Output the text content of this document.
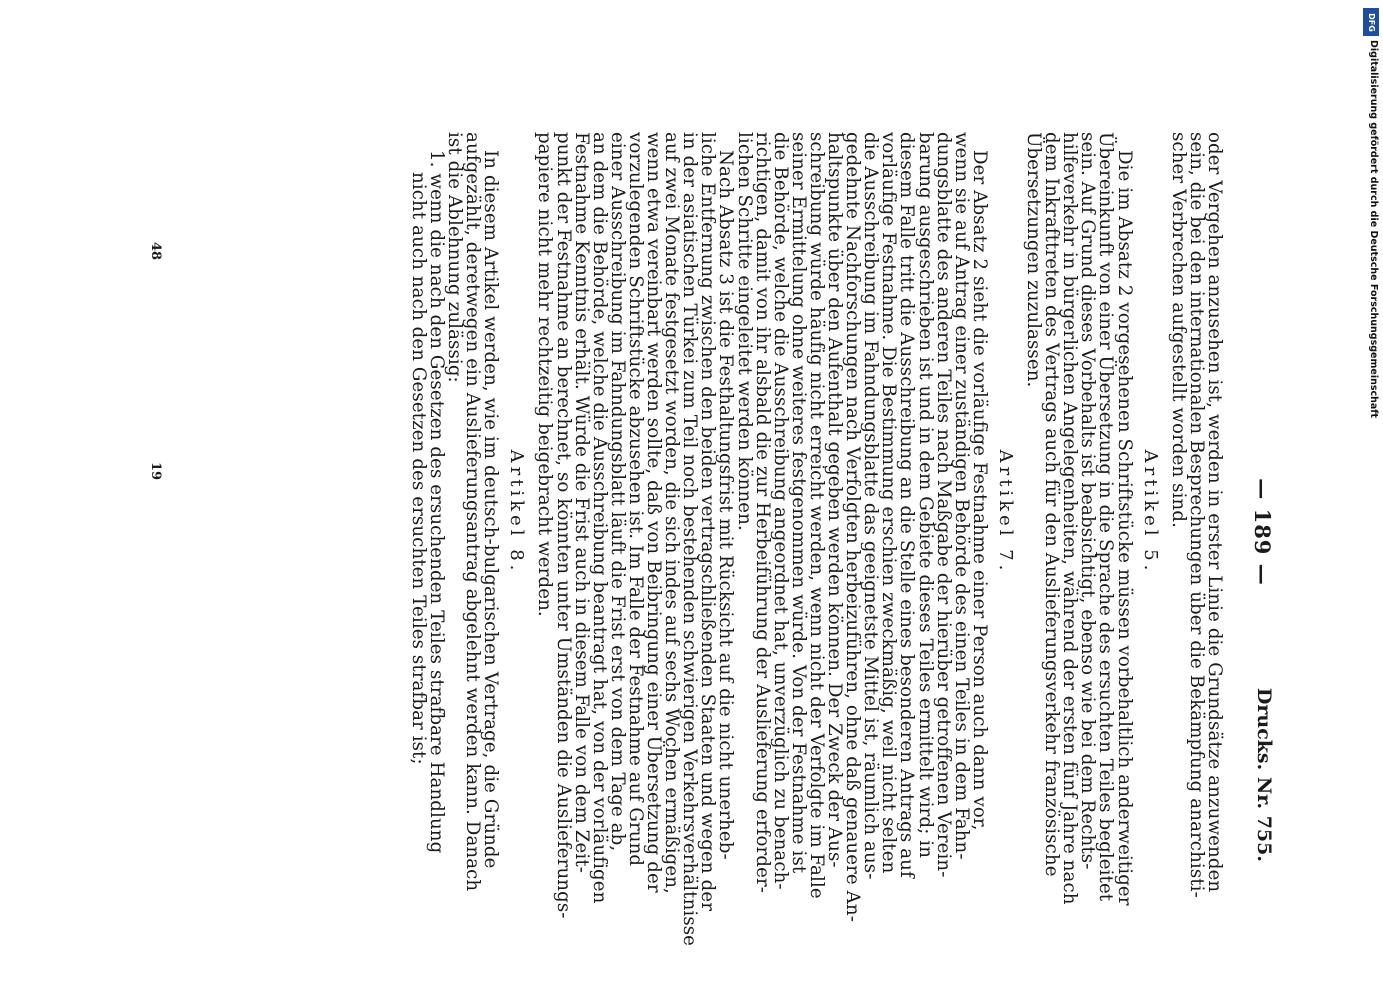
— 189 —
Drucks. Nr. 755.
oder Vergehen anzusehen ist, werden in erster Linie die Grundsätze anzuwenden
sein, die bei den internationalen Besprechungen über die Bekämpfung anarchisti-
scher Verbrechen aufgestellt worden sind.
Artikel 5.
Die im Absatz 2 vorgesehenen Schriftstücke müssen vorbehaltlich anderweitiger
Übereinkunft von einer Übersetzung in die Sprache des ersuchten Teiles begleitet
sein. Auf Grund dieses Vorbehalts ist beabsichtigt, ebenso wie bei dem Rechts-
hilfeverkehr in bürgerlichen Angelegenheiten, während der ersten fünf Jahre nach
dem Inkrafttreten des Vertrags auch für den Auslieferungsverkehr französische
Übersetzungen zuzulassen.
Artikel 7.
Der Absatz 2 sieht die vorläufige Festnahme einer Person auch dann vor,
wenn sie auf Antrag einer zuständigen Behörde des einen Teiles in dem Fahn-
dungsblatte des anderen Teiles nach Maßgabe der hierüber getroffenen Verein-
barung ausgeschrieben ist und in dem Gebiete dieses Teiles ermittelt wird; in
diesem Falle tritt die Ausschreibung an die Stelle eines besonderen Antrags auf
vorläufige Festnahme. Die Bestimmung erschien zweckmäßig, weil nicht selten
die Ausschreibung im Fahndungsblatte das geeignetste Mittel ist, räumlich aus-
gedehnte Nachforschungen nach Verfolgten herbeizuführen, ohne daß genauere An-
haltspunkte über den Aufenthalt gegeben werden können. Der Zweck der Aus-
schreibung würde häufig nicht erreicht werden, wenn nicht der Verfolgte im Falle
seiner Ermittelung ohne weiteres festgenommen würde. Von der Festnahme ist
die Behörde, welche die Ausschreibung angeordnet hat, unverzüglich zu benach-
richtigen, damit von ihr alsbald die zur Herbeiführung der Auslieferung erforder-
lichen Schritte eingeleitet werden können.
Nach Absatz 3 ist die Festhaltungsfrist mit Rücksicht auf die nicht unerheb-
liche Entfernung zwischen den beiden vertragschließenden Staaten und wegen der
in der asiatischen Türkei zum Teil noch bestehenden schwierigen Verkehrsverhältnisse
auf zwei Monate festgesetzt worden, die sich indes auf sechs Wochen ermäßigen,
wenn etwa vereinbart werden sollte, daß von Beibringung einer Übersetzung der
vorzulegenden Schriftstücke abzusehen ist. Im Falle der Festnahme auf Grund
einer Ausschreibung im Fahndungsblatt läuft die Frist erst von dem Tage ab,
an dem die Behörde, welche die Ausschreibung beantragt hat, von der vorläufigen
Festnahme Kenntnis erhält. Würde die Frist auch in diesem Falle von dem Zeit-
punkt der Festnahme an berechnet, so könnten unter Umständen die Auslieferungs-
papiere nicht mehr rechtzeitig beigebracht werden.
Artikel 8.
In diesem Artikel werden, wie im deutsch-bulgarischen Vertrage, die Gründe
aufgezählt, deretwegen ein Auslieferungsantrag abgelehnt werden kann. Danach
ist die Ablehnung zulässig:
1. wenn die nach den Gesetzen des ersuchenden Teiles strafbare Handlung
nicht auch nach den Gesetzen des ersuchten Teiles strafbar ist;
19
48
DFG
Digitalisierung gefördert durch die Deutsche Forschungsgemeinschaft
